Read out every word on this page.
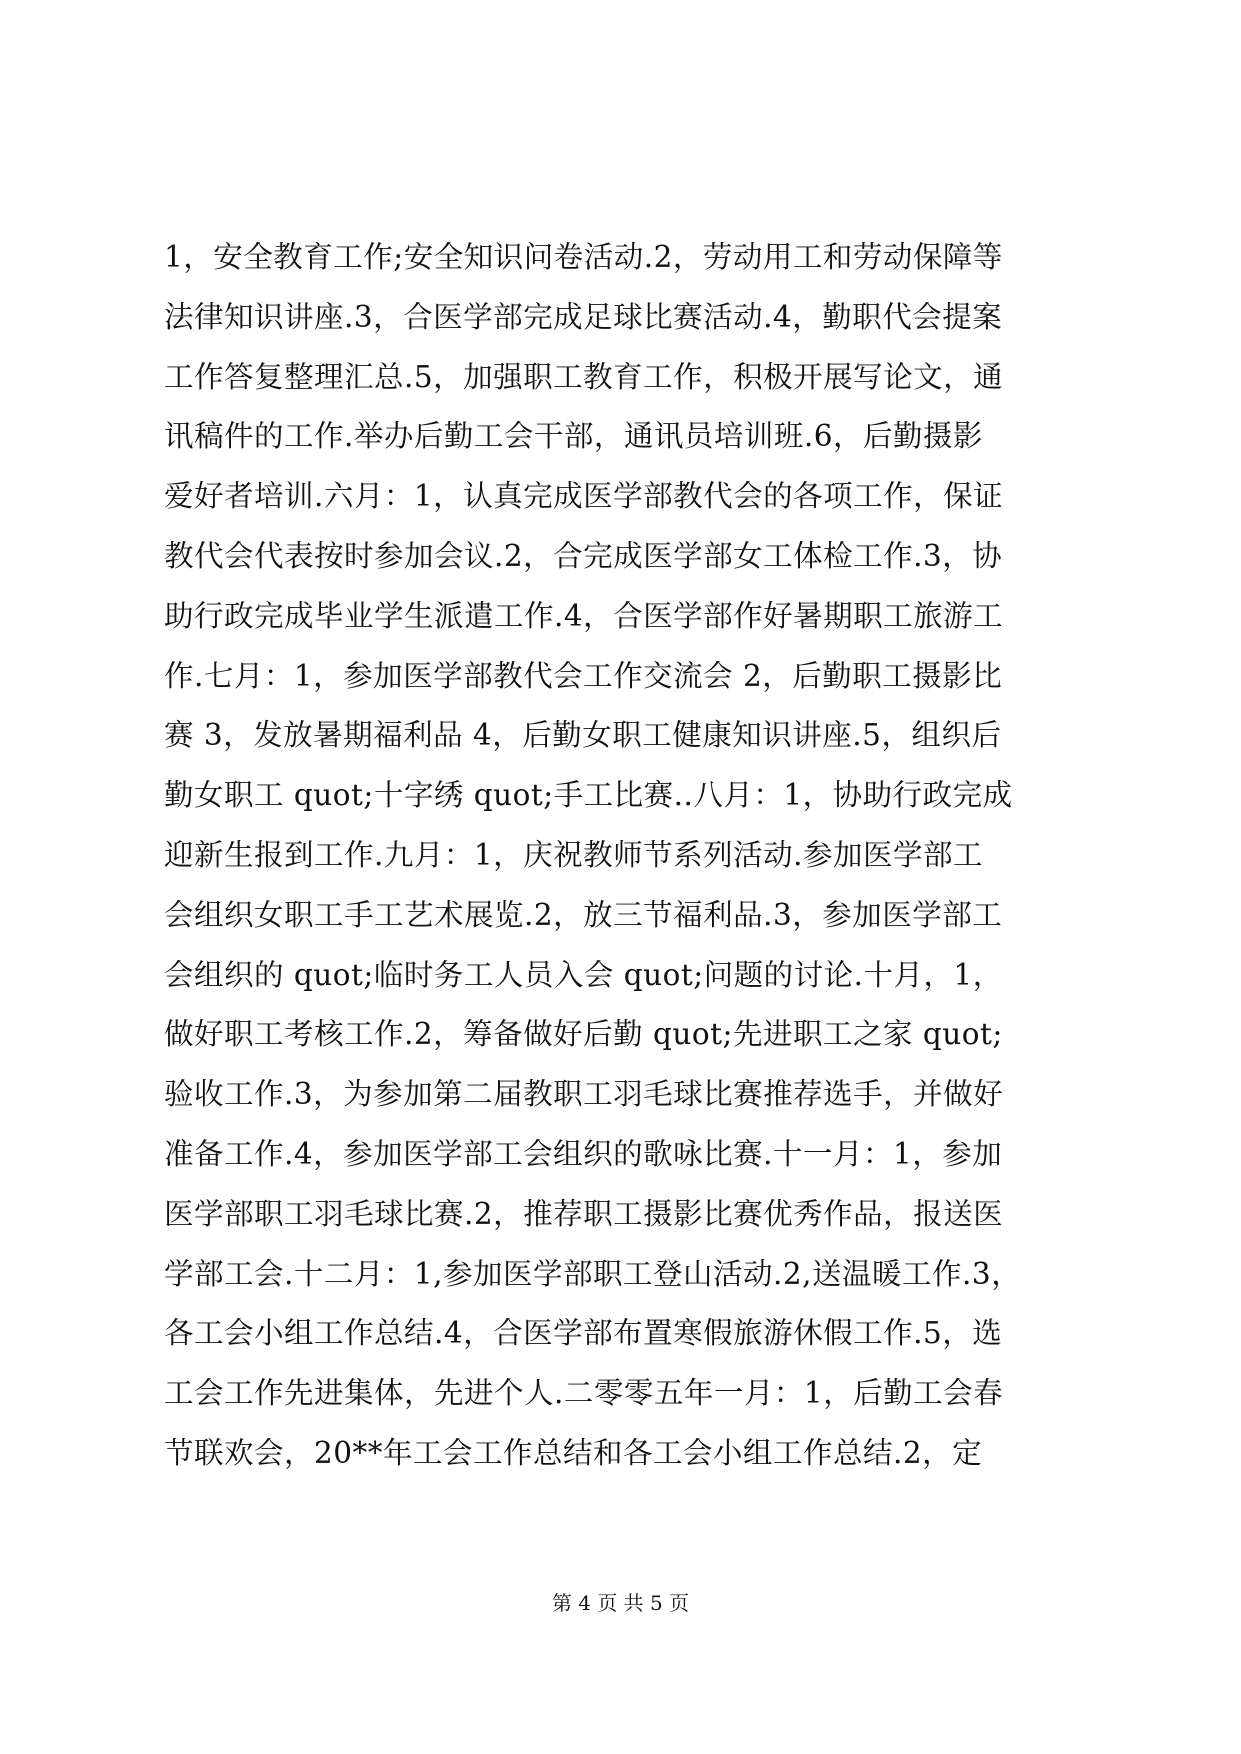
1，安全教育工作;安全知识问卷活动.2，劳动用工和劳动保障等
法律知识讲座.3，合医学部完成足球比赛活动.4，勤职代会提案
工作答复整理汇总.5，加强职工教育工作，积极开展写论文，通
讯稿件的工作.举办后勤工会干部，通讯员培训班.6，后勤摄影
爱好者培训.六月：1，认真完成医学部教代会的各项工作，保证
教代会代表按时参加会议.2，合完成医学部女工体检工作.3，协
助行政完成毕业学生派遣工作.4，合医学部作好暑期职工旅游工
作.七月：1，参加医学部教代会工作交流会 2，后勤职工摄影比
赛 3，发放暑期福利品 4，后勤女职工健康知识讲座.5，组织后
勤女职工 quot;十字绣 quot;手工比赛..八月：1，协助行政完成
迎新生报到工作.九月：1，庆祝教师节系列活动.参加医学部工
会组织女职工手工艺术展览.2，放三节福利品.3，参加医学部工
会组织的 quot;临时务工人员入会 quot;问题的讨论.十月，1，
做好职工考核工作.2，筹备做好后勤 quot;先进职工之家 quot;
验收工作.3，为参加第二届教职工羽毛球比赛推荐选手，并做好
准备工作.4，参加医学部工会组织的歌咏比赛.十一月：1，参加
医学部职工羽毛球比赛.2，推荐职工摄影比赛优秀作品，报送医
学部工会.十二月：1,参加医学部职工登山活动.2,送温暖工作.3，
各工会小组工作总结.4，合医学部布置寒假旅游休假工作.5，选
工会工作先进集体，先进个人.二零零五年一月：1，后勤工会春
节联欢会，20**年工会工作总结和各工会小组工作总结.2，定
第 4 页 共 5 页
